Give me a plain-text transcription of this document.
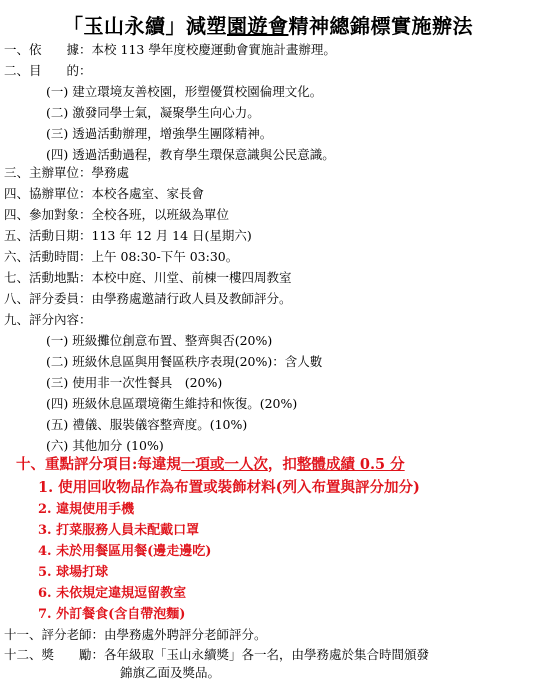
「玉山永續」減塑園遊會精神總錦標實施辦法
一、依　　據：本校 113 學年度校慶運動會實施計畫辦理。
二、目　　的：
(一) 建立環境友善校園，形塑優質校園倫理文化。
(二) 激發同學士氣，凝聚學生向心力。
(三) 透過活動辦理，增強學生團隊精神。
(四) 透過活動過程，教育學生環保意識與公民意識。
三、主辦單位：學務處
四、協辦單位：本校各處室、家長會
四、參加對象：全校各班，以班級為單位
五、活動日期：113 年 12 月 14 日(星期六)
六、活動時間：上午 08:30-下午 03:30。
七、活動地點：本校中庭、川堂、前棟一樓四周教室
八、評分委員：由學務處邀請行政人員及教師評分。
九、評分內容：
(一) 班級攤位創意布置、整齊與否(20%)
(二) 班級休息區與用餐區秩序表現(20%)：含人數
(三) 使用非一次性餐具　(20%)
(四) 班級休息區環境衛生維持和恢復。(20%)
(五) 禮儀、服裝儀容整齊度。(10%)
(六) 其他加分 (10%)
十、重點評分項目:每違規一項或一人次，扣整體成績 0.5 分
1. 使用回收物品作為布置或裝飾材料(列入布置與評分加分)
2. 違規使用手機
3. 打菜服務人員未配戴口罩
4. 未於用餐區用餐(邊走邊吃)
5. 球場打球
6. 未依規定違規逗留教室
7. 外訂餐食(含自帶泡麵)
十一、評分老師：由學務處外聘評分老師評分。
十二、獎　　勵：各年級取「玉山永續獎」各一名，由學務處於集合時間頒發
錦旗乙面及獎品。
